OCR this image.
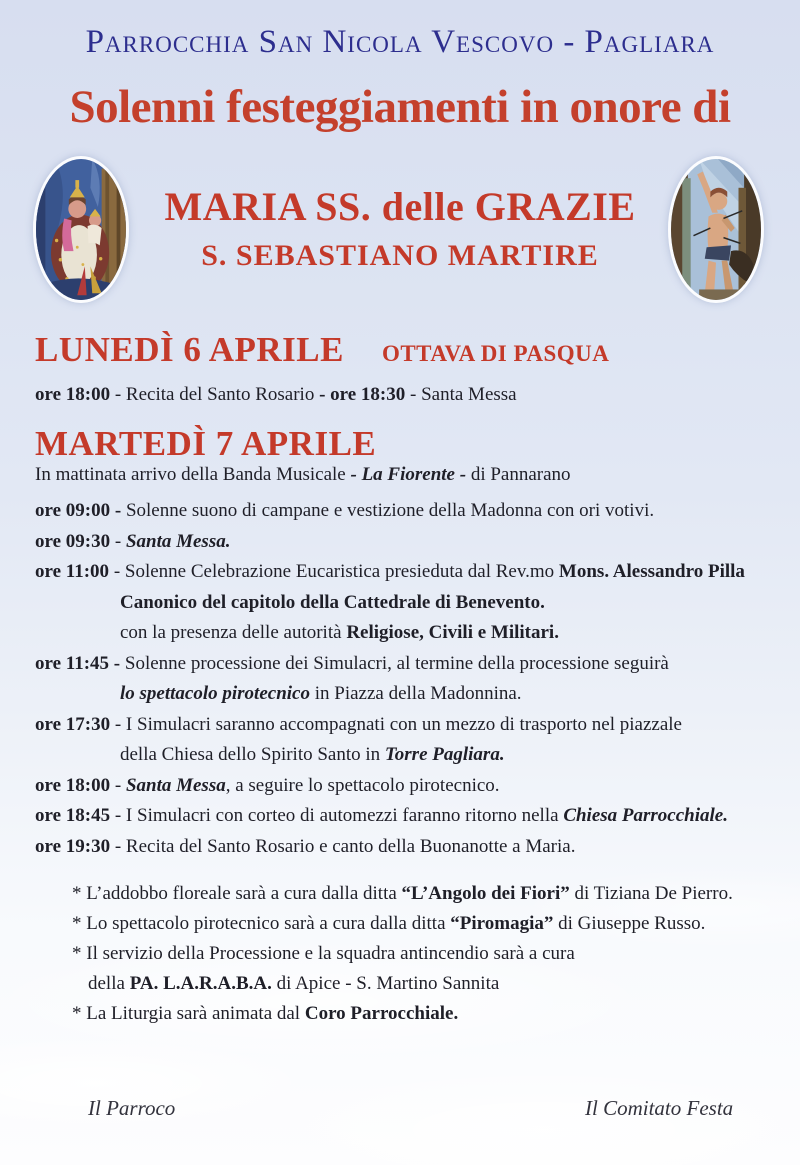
Parrocchia San Nicola Vescovo - Pagliara
Solenni festeggiamenti in onore di
MARIA SS. delle GRAZIE
S. SEBASTIANO MARTIRE
LUNEDÌ 6 APRILE OTTAVA DI PASQUA
ore 18:00 - Recita del Santo Rosario - ore 18:30 - Santa Messa
MARTEDÌ 7 APRILE
In mattinata arrivo della Banda Musicale - La Fiorente - di Pannarano
ore 09:00 - Solenne suono di campane e vestizione della Madonna con ori votivi.
ore 09:30 - Santa Messa.
ore 11:00 - Solenne Celebrazione Eucaristica presieduta dal Rev.mo Mons. Alessandro Pilla
Canonico del capitolo della Cattedrale di Benevento.
con la presenza delle autorità Religiose, Civili e Militari.
ore 11:45 - Solenne processione dei Simulacri, al termine della processione seguirà
lo spettacolo pirotecnico in Piazza della Madonnina.
ore 17:30 - I Simulacri saranno accompagnati con un mezzo di trasporto nel piazzale
della Chiesa dello Spirito Santo in Torre Pagliara.
ore 18:00 - Santa Messa, a seguire lo spettacolo pirotecnico.
ore 18:45 - I Simulacri con corteo di automezzi faranno ritorno nella Chiesa Parrocchiale.
ore 19:30 - Recita del Santo Rosario e canto della Buonanotte a Maria.
* L’addobbo floreale sarà a cura dalla ditta “L’Angolo dei Fiori” di Tiziana De Pierro.
* Lo spettacolo pirotecnico sarà a cura dalla ditta “Piromagia” di Giuseppe Russo.
* Il servizio della Processione e la squadra antincendio sarà a cura
della PA. L.A.R.A.B.A. di Apice - S. Martino Sannita
* La Liturgia sarà animata dal Coro Parrocchiale.
Il Parroco	Il Comitato Festa
